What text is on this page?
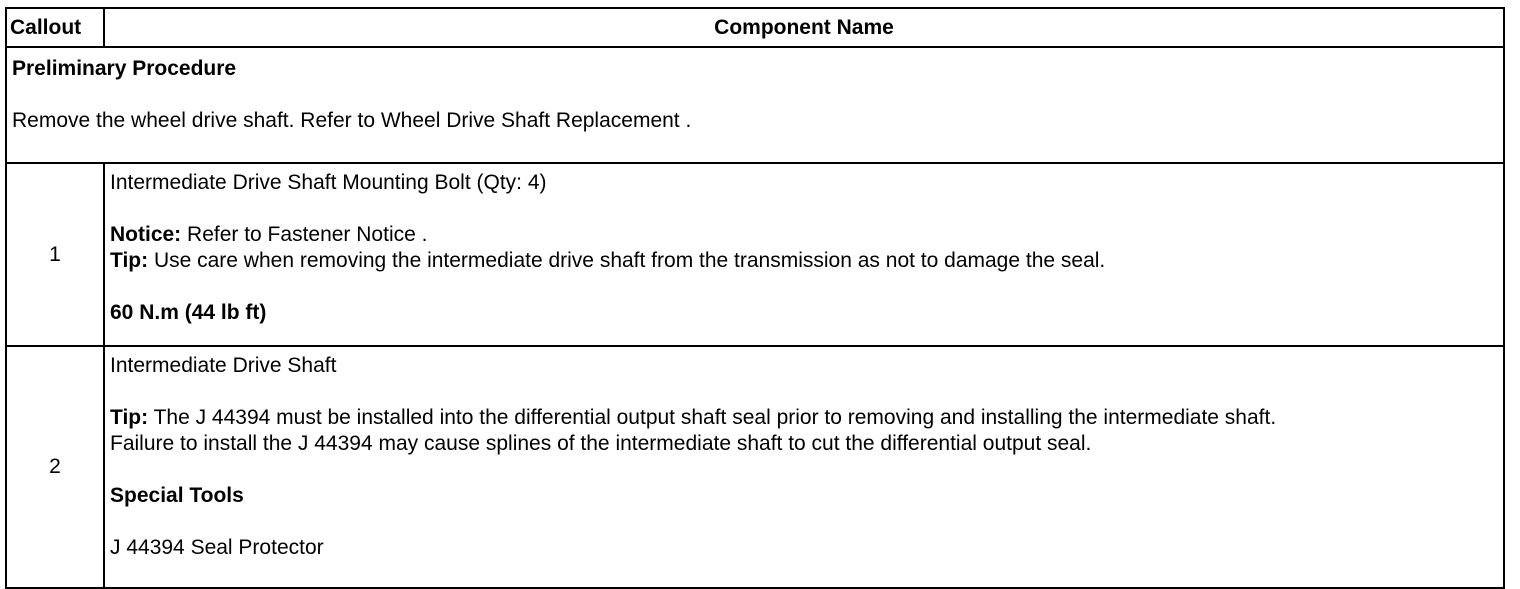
Callout	Component Name

Preliminary Procedure
Remove the wheel drive shaft. Refer to Wheel Drive Shaft Replacement .	

1	Intermediate Drive Shaft Mounting Bolt (Qty: 4)
Notice: Refer to Fastener Notice .
Tip: Use care when removing the intermediate drive shaft from the transmission as not to damage the seal.
60 N.m (44 lb ft)

2	Intermediate Drive Shaft
Tip: The J 44394 must be installed into the differential output shaft seal prior to removing and installing the intermediate shaft.
Failure to install the J 44394 may cause splines of the intermediate shaft to cut the differential output seal.
Special Tools
J 44394 Seal Protector
